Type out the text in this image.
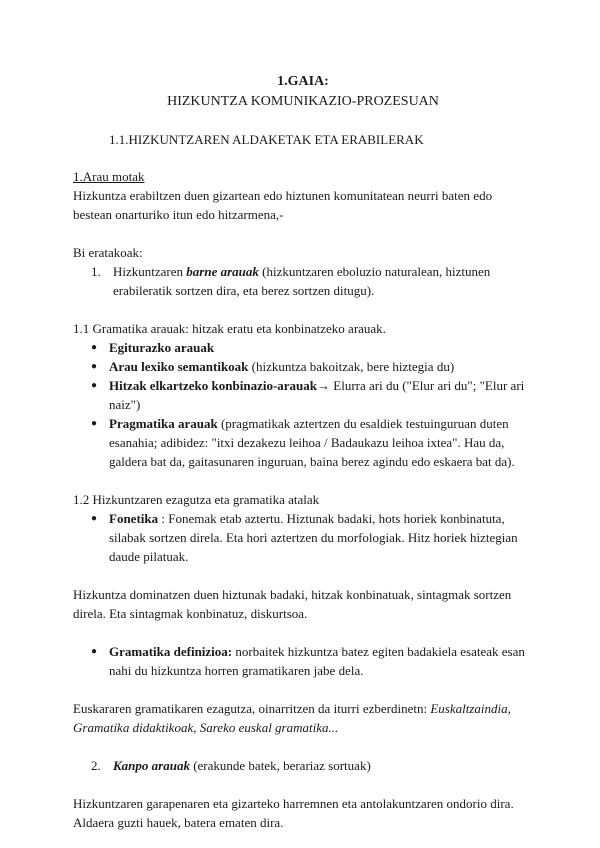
1.GAIA:

HIZKUNTZA KOMUNIKAZIO-PROZESUAN

1.1.HIZKUNTZAREN ALDAKETAK ETA ERABILERAK

1.Arau motak

Hizkuntza erabiltzen duen gizartean edo hiztunen komunitatean neurri baten edo bestean onarturiko itun edo hitzarmena,-

Bi eratakoak:

1. Hizkuntzaren barne arauak (hizkuntzaren eboluzio naturalean, hiztunen erabileratik sortzen dira, eta berez sortzen ditugu).

1.1 Gramatika arauak: hitzak eratu eta konbinatzeko arauak.

● Egiturazko arauak
● Arau lexiko semantikoak (hizkuntza bakoitzak, bere hiztegia du)
● Hitzak elkartzeko konbinazio-arauak→ Elurra ari du ("Elur ari du"; "Elur ari naiz")
● Pragmatika arauak (pragmatikak aztertzen du esaldiek testuinguruan duten esanahia; adibidez: "itxi dezakezu leihoa / Badaukazu leihoa ixtea". Hau da, galdera bat da, gaitasunaren inguruan, baina berez agindu edo eskaera bat da).

1.2 Hizkuntzaren ezagutza eta gramatika atalak

● Fonetika : Fonemak etab aztertu. Hiztunak badaki, hots horiek konbinatuta, silabak sortzen direla. Eta hori aztertzen du morfologiak. Hitz horiek hiztegian daude pilatuak.

Hizkuntza dominatzen duen hiztunak badaki, hitzak konbinatuak, sintagmak sortzen direla. Eta sintagmak konbinatuz, diskurtsoa.

● Gramatika definizioa: norbaitek hizkuntza batez egiten badakiela esateak esan nahi du hizkuntza horren gramatikaren jabe dela.

Euskararen gramatikaren ezagutza, oinarritzen da iturri ezberdinetn: Euskaltzaindia, Gramatika didaktikoak, Sareko euskal gramatika...

2. Kanpo arauak (erakunde batek, berariaz sortuak)

Hizkuntzaren garapenaren eta gizarteko harremnen eta antolakuntzaren ondorio dira. Aldaera guzti hauek, batera ematen dira.
